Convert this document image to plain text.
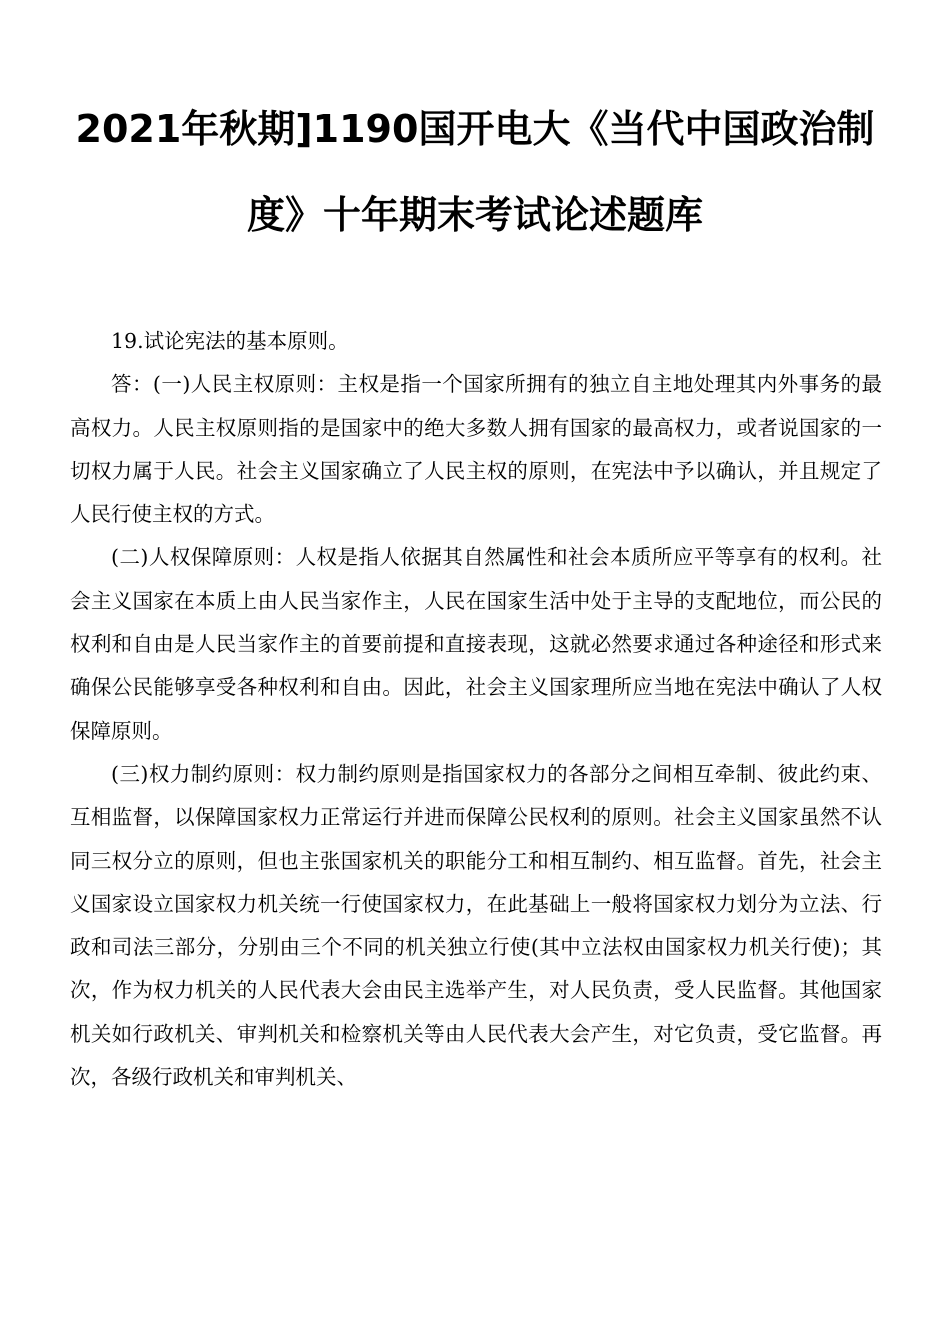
2021年秋期]1190国开电大《当代中国政治制
度》十年期末考试论述题库

19.试论宪法的基本原则。

答：(一)人民主权原则：主权是指一个国家所拥有的独立自主地处理其内外事务的最高权力。人民主权原则指的是国家中的绝大多数人拥有国家的最高权力，或者说国家的一切权力属于人民。社会主义国家确立了人民主权的原则，在宪法中予以确认，并且规定了人民行使主权的方式。

(二)人权保障原则：人权是指人依据其自然属性和社会本质所应平等享有的权利。社会主义国家在本质上由人民当家作主，人民在国家生活中处于主导的支配地位，而公民的权利和自由是人民当家作主的首要前提和直接表现，这就必然要求通过各种途径和形式来确保公民能够享受各种权利和自由。因此，社会主义国家理所应当地在宪法中确认了人权保障原则。

(三)权力制约原则：权力制约原则是指国家权力的各部分之间相互牵制、彼此约束、互相监督，以保障国家权力正常运行并进而保障公民权利的原则。社会主义国家虽然不认同三权分立的原则，但也主张国家机关的职能分工和相互制约、相互监督。首先，社会主义国家设立国家权力机关统一行使国家权力，在此基础上一般将国家权力划分为立法、行政和司法三部分，分别由三个不同的机关独立行使(其中立法权由国家权力机关行使)；其次，作为权力机关的人民代表大会由民主选举产生，对人民负责，受人民监督。其他国家机关如行政机关、审判机关和检察机关等由人民代表大会产生，对它负责，受它监督。再次，各级行政机关和审判机关、
